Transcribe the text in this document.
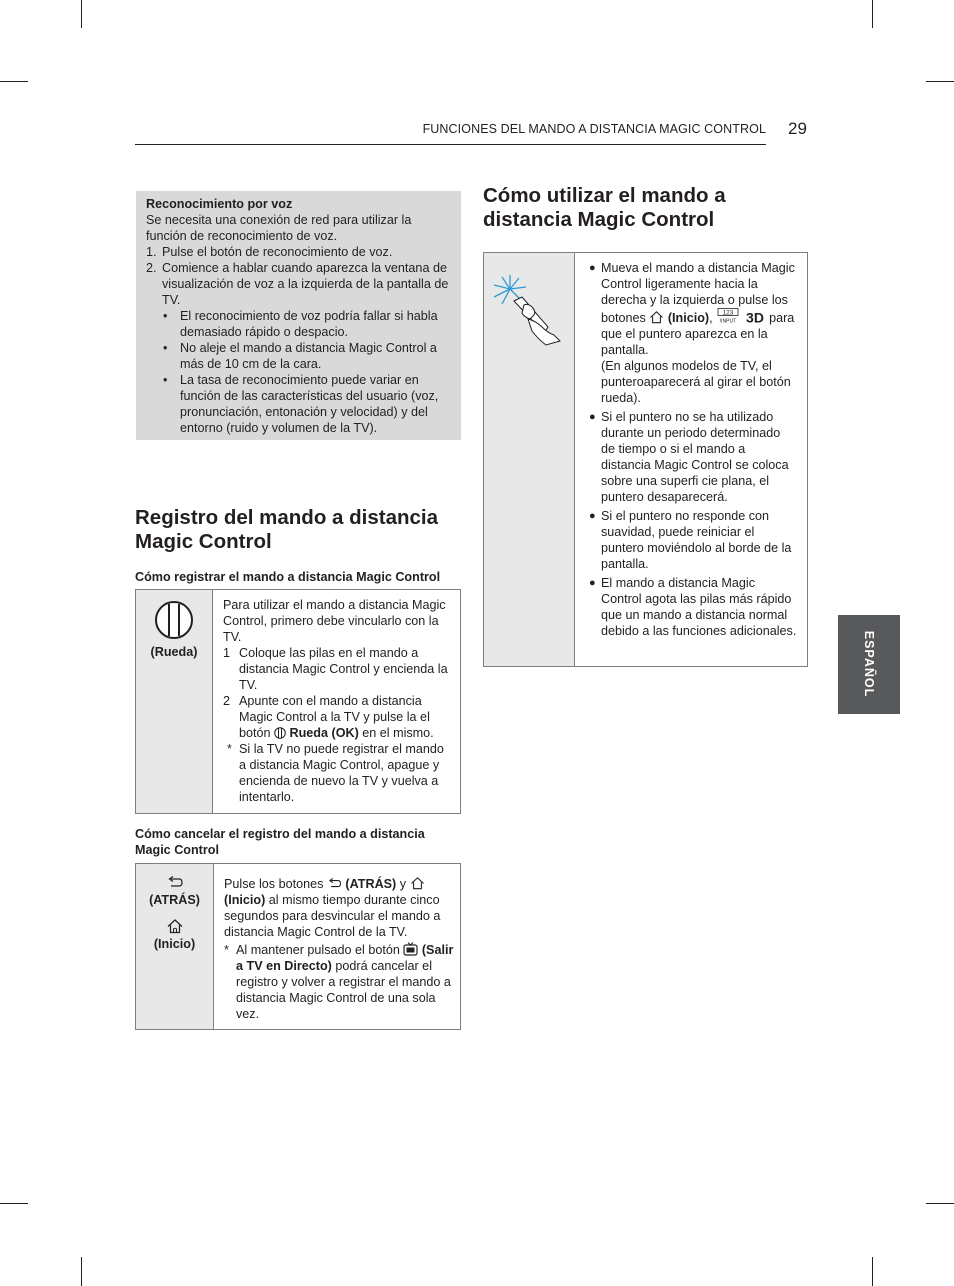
FUNCIONES DEL MANDO A DISTANCIA MAGIC CONTROL 29
Reconocimiento por voz
Se necesita una conexión de red para utilizar la función de reconocimiento de voz.
1. Pulse el botón de reconocimiento de voz.
2. Comience a hablar cuando aparezca la ventana de visualización de voz a la izquierda de la pantalla de TV.
• El reconocimiento de voz podría fallar si habla demasiado rápido o despacio.
• No aleje el mando a distancia Magic Control a más de 10 cm de la cara.
• La tasa de reconocimiento puede variar en función de las características del usuario (voz, pronunciación, entonación y velocidad) y del entorno (ruido y volumen de la TV).
Registro del mando a distancia Magic Control
Cómo registrar el mando a distancia Magic Control
(Rueda)

Para utilizar el mando a distancia Magic Control, primero debe vincularlo con la TV.
1 Coloque las pilas en el mando a distancia Magic Control y encienda la TV.
2 Apunte con el mando a distancia Magic Control a la TV y pulse la el botón Rueda (OK) en el mismo.
* Si la TV no puede registrar el mando a distancia Magic Control, apague y encienda de nuevo la TV y vuelva a intentarlo.
Cómo cancelar el registro del mando a distancia Magic Control
(ATRÁS)
(Inicio)

Pulse los botones (ATRÁS) y  (Inicio) al mismo tiempo durante cinco segundos para desvincular el mando a distancia Magic Control de la TV.
* Al mantener pulsado el botón (Salir a TV en Directo) podrá cancelar el registro y volver a registrar el mando a distancia Magic Control de una sola vez.
Cómo utilizar el mando a distancia Magic Control

● Mueva el mando a distancia Magic Control ligeramente hacia la derecha y la izquierda o pulse los botones (Inicio), 123
/INPUT
3D para que el puntero aparezca en la pantalla.
(En algunos modelos de TV, el punteroaparecerá al girar el botón rueda).
● Si el puntero no se ha utilizado durante un periodo determinado de tiempo o si el mando a distancia Magic Control se coloca sobre una superfi cie plana, el puntero desaparecerá.
● Si el puntero no responde con suavidad, puede reiniciar el puntero moviéndolo al borde de la pantalla.
● El mando a distancia Magic Control agota las pilas más rápido que un mando a distancia normal debido a las funciones adicionales.	ESPAÑOL
